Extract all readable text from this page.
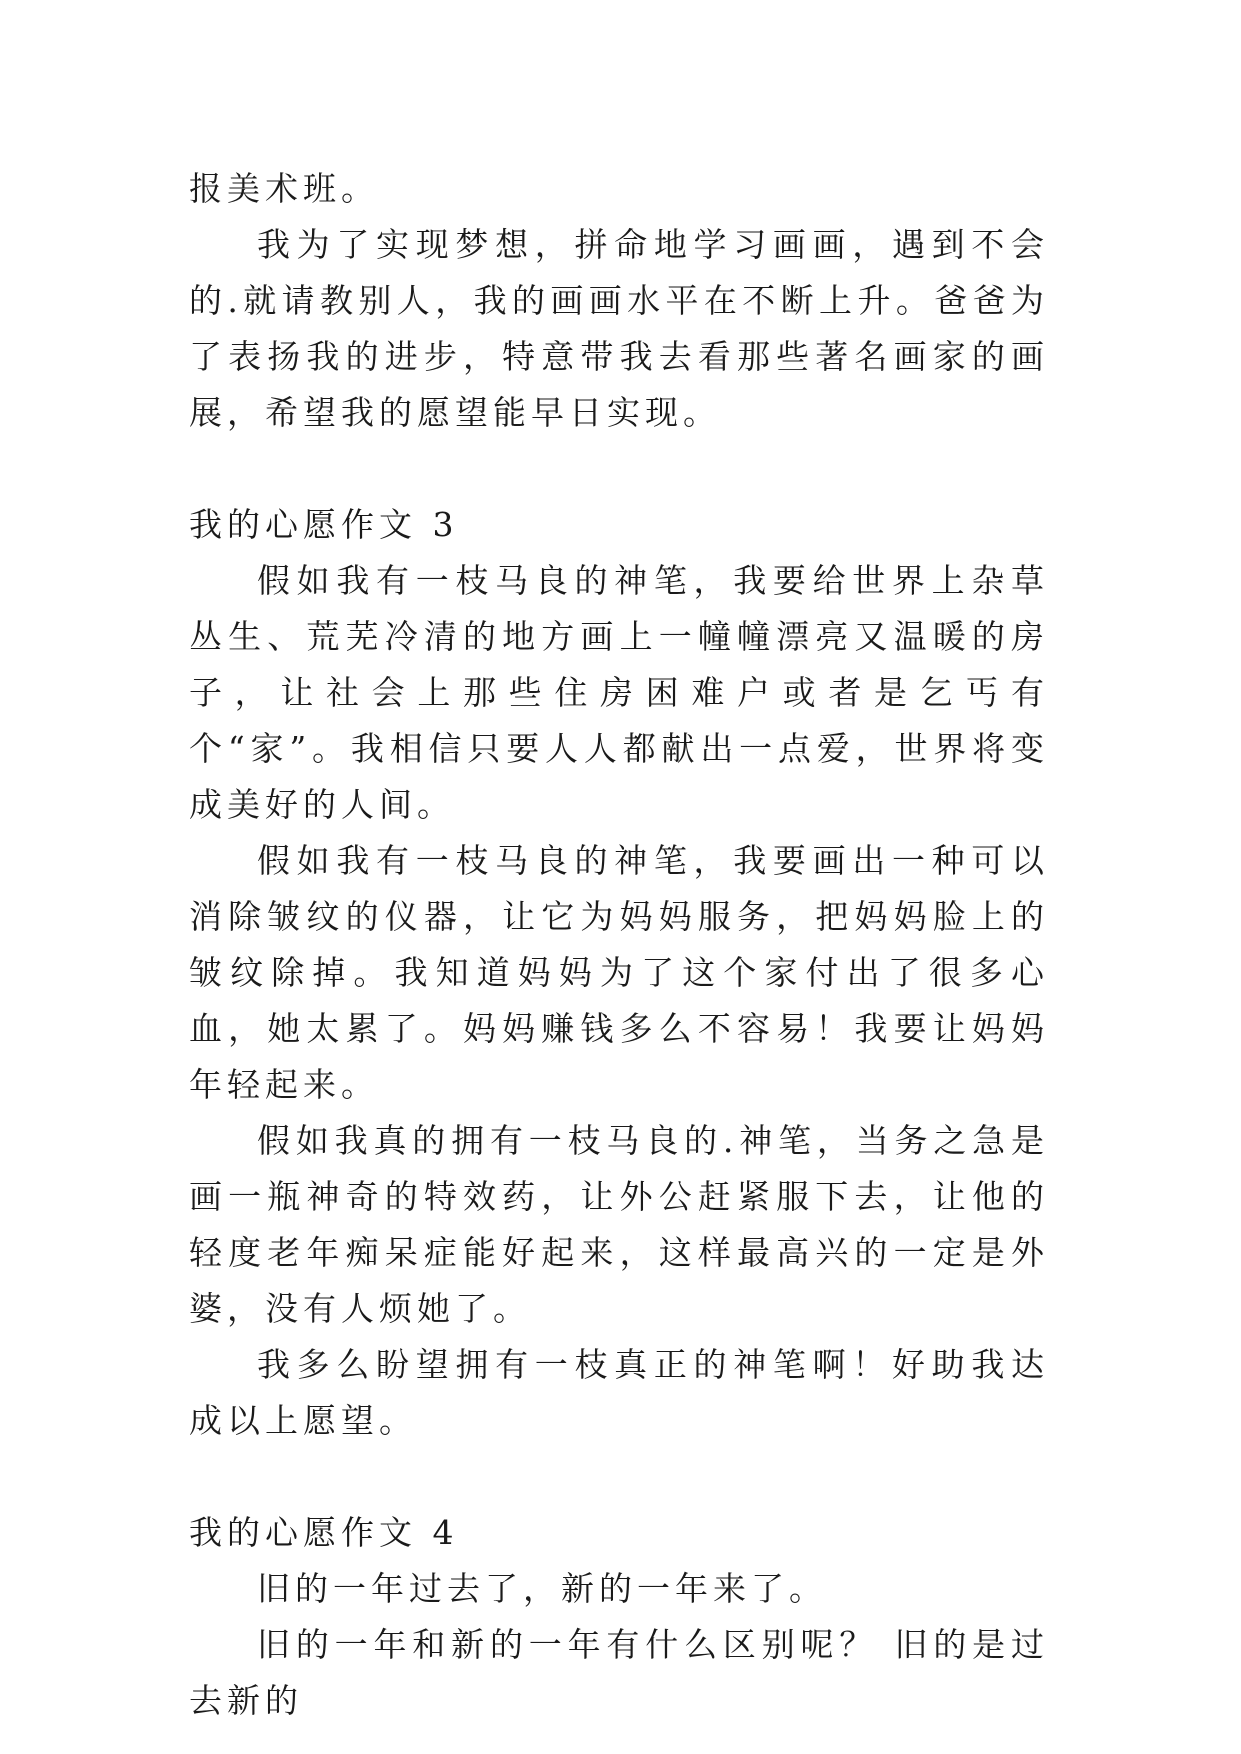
报美术班。

我为了实现梦想，拼命地学习画画，遇到不会的.就请教别人，我的画画水平在不断上升。爸爸为了表扬我的进步，特意带我去看那些著名画家的画展，希望我的愿望能早日实现。

我的心愿作文 3

假如我有一枝马良的神笔，我要给世界上杂草丛生、荒芜冷清的地方画上一幢幢漂亮又温暖的房子，让社会上那些住房困难户或者是乞丐有个“家”。我相信只要人人都献出一点爱，世界将变成美好的人间。

假如我有一枝马良的神笔，我要画出一种可以消除皱纹的仪器，让它为妈妈服务，把妈妈脸上的皱纹除掉。我知道妈妈为了这个家付出了很多心血，她太累了。妈妈赚钱多么不容易！我要让妈妈年轻起来。

假如我真的拥有一枝马良的.神笔，当务之急是画一瓶神奇的特效药，让外公赶紧服下去，让他的轻度老年痴呆症能好起来，这样最高兴的一定是外婆，没有人烦她了。

我多么盼望拥有一枝真正的神笔啊！好助我达成以上愿望。

我的心愿作文 4

旧的一年过去了，新的一年来了。

旧的一年和新的一年有什么区别呢？ 旧的是过去新的
